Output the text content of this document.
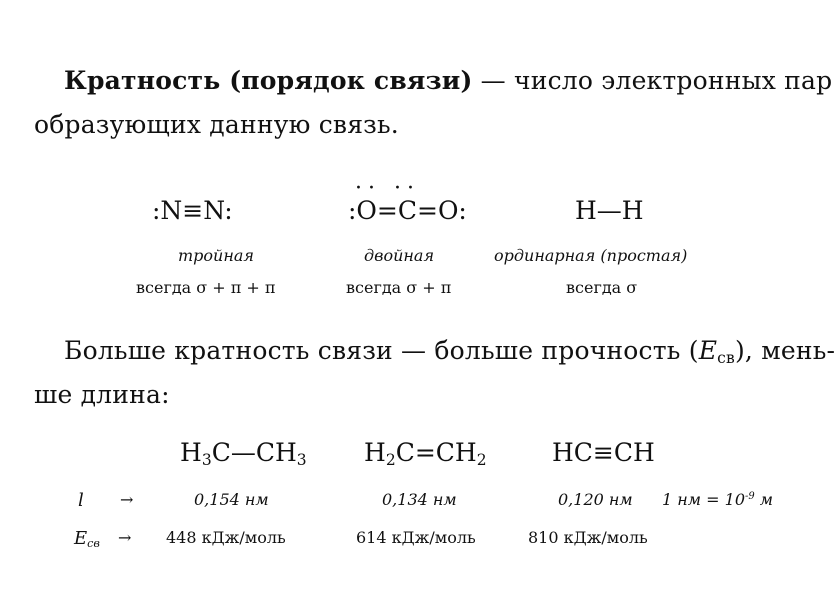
Кратность (порядок связи) — число электронных пар
образующих данную связь.
·· ··
:N≡N:	:O=C=O:	H—H
тройная	двойная	ординарная (простая)
всегда σ + π + π	всегда σ + π	всегда σ
Больше кратность связи — больше прочность $(E_{св})$, мень-
ше длина:
$H_3C—CH_3$ $H_2C=CH_2$	HC≡CH
l →	0,154 нм	0,134 нм	0,120 нм 1 нм = $10^{-9}$ м
$E_{св} \to 448$ кДж/моль	614 кДж/моль	810 кДж/моль
